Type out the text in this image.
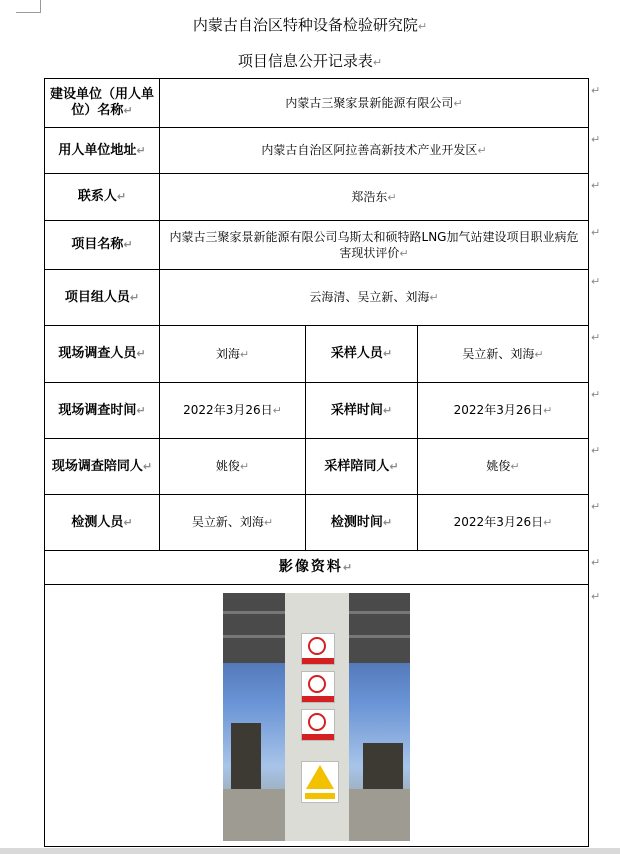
内蒙古自治区特种设备检验研究院↵
项目信息公开记录表↵
建设单位（用人单位）名称↵	内蒙古三聚家景新能源有限公司↵		
用人单位地址↵	内蒙古自治区阿拉善高新技术产业开发区↵		
联系人↵	郑浩东↵		
项目名称↵	内蒙古三聚家景新能源有限公司乌斯太和硕特路LNG加气站建设项目职业病危害现状评价↵		
项目组人员↵	云海清、吴立新、刘海↵		
现场调查人员↵	刘海↵	采样人员↵	吴立新、刘海↵
现场调查时间↵	2022年3月26日↵	采样时间↵	2022年3月26日↵
现场调查陪同人↵	姚俊↵	采样陪同人↵	姚俊↵
检测人员↵	吴立新、刘海↵	检测时间↵	2022年3月26日↵
影像资料↵			

↵
↵
↵
↵
↵
↵
↵
↵
↵
↵
↵
